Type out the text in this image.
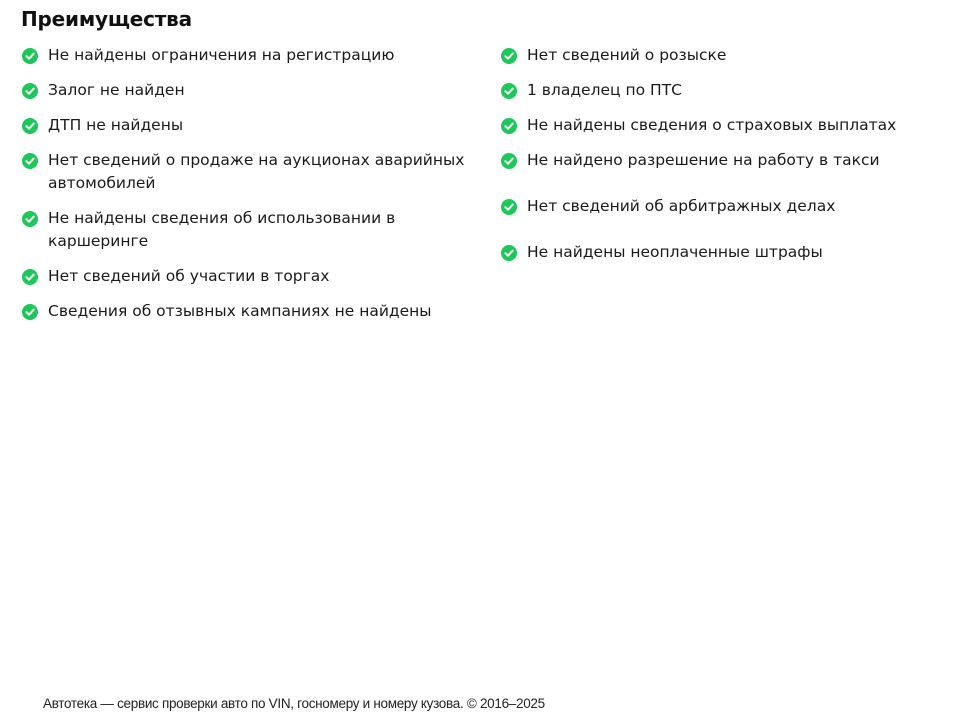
Преимущества
Не найдены ограничения на регистрацию
Залог не найден
ДТП не найдены
Нет сведений о продаже на аукционах аварийных автомобилей
Не найдены сведения об использовании в каршеринге
Нет сведений об участии в торгах
Сведения об отзывных кампаниях не найдены
Нет сведений о розыске
1 владелец по ПТС
Не найдены сведения о страховых выплатах
Не найдено разрешение на работу в такси
Нет сведений об арбитражных делах
Не найдены неоплаченные штрафы
Автотека — сервис проверки авто по VIN, госномеру и номеру кузова. © 2016–2025
